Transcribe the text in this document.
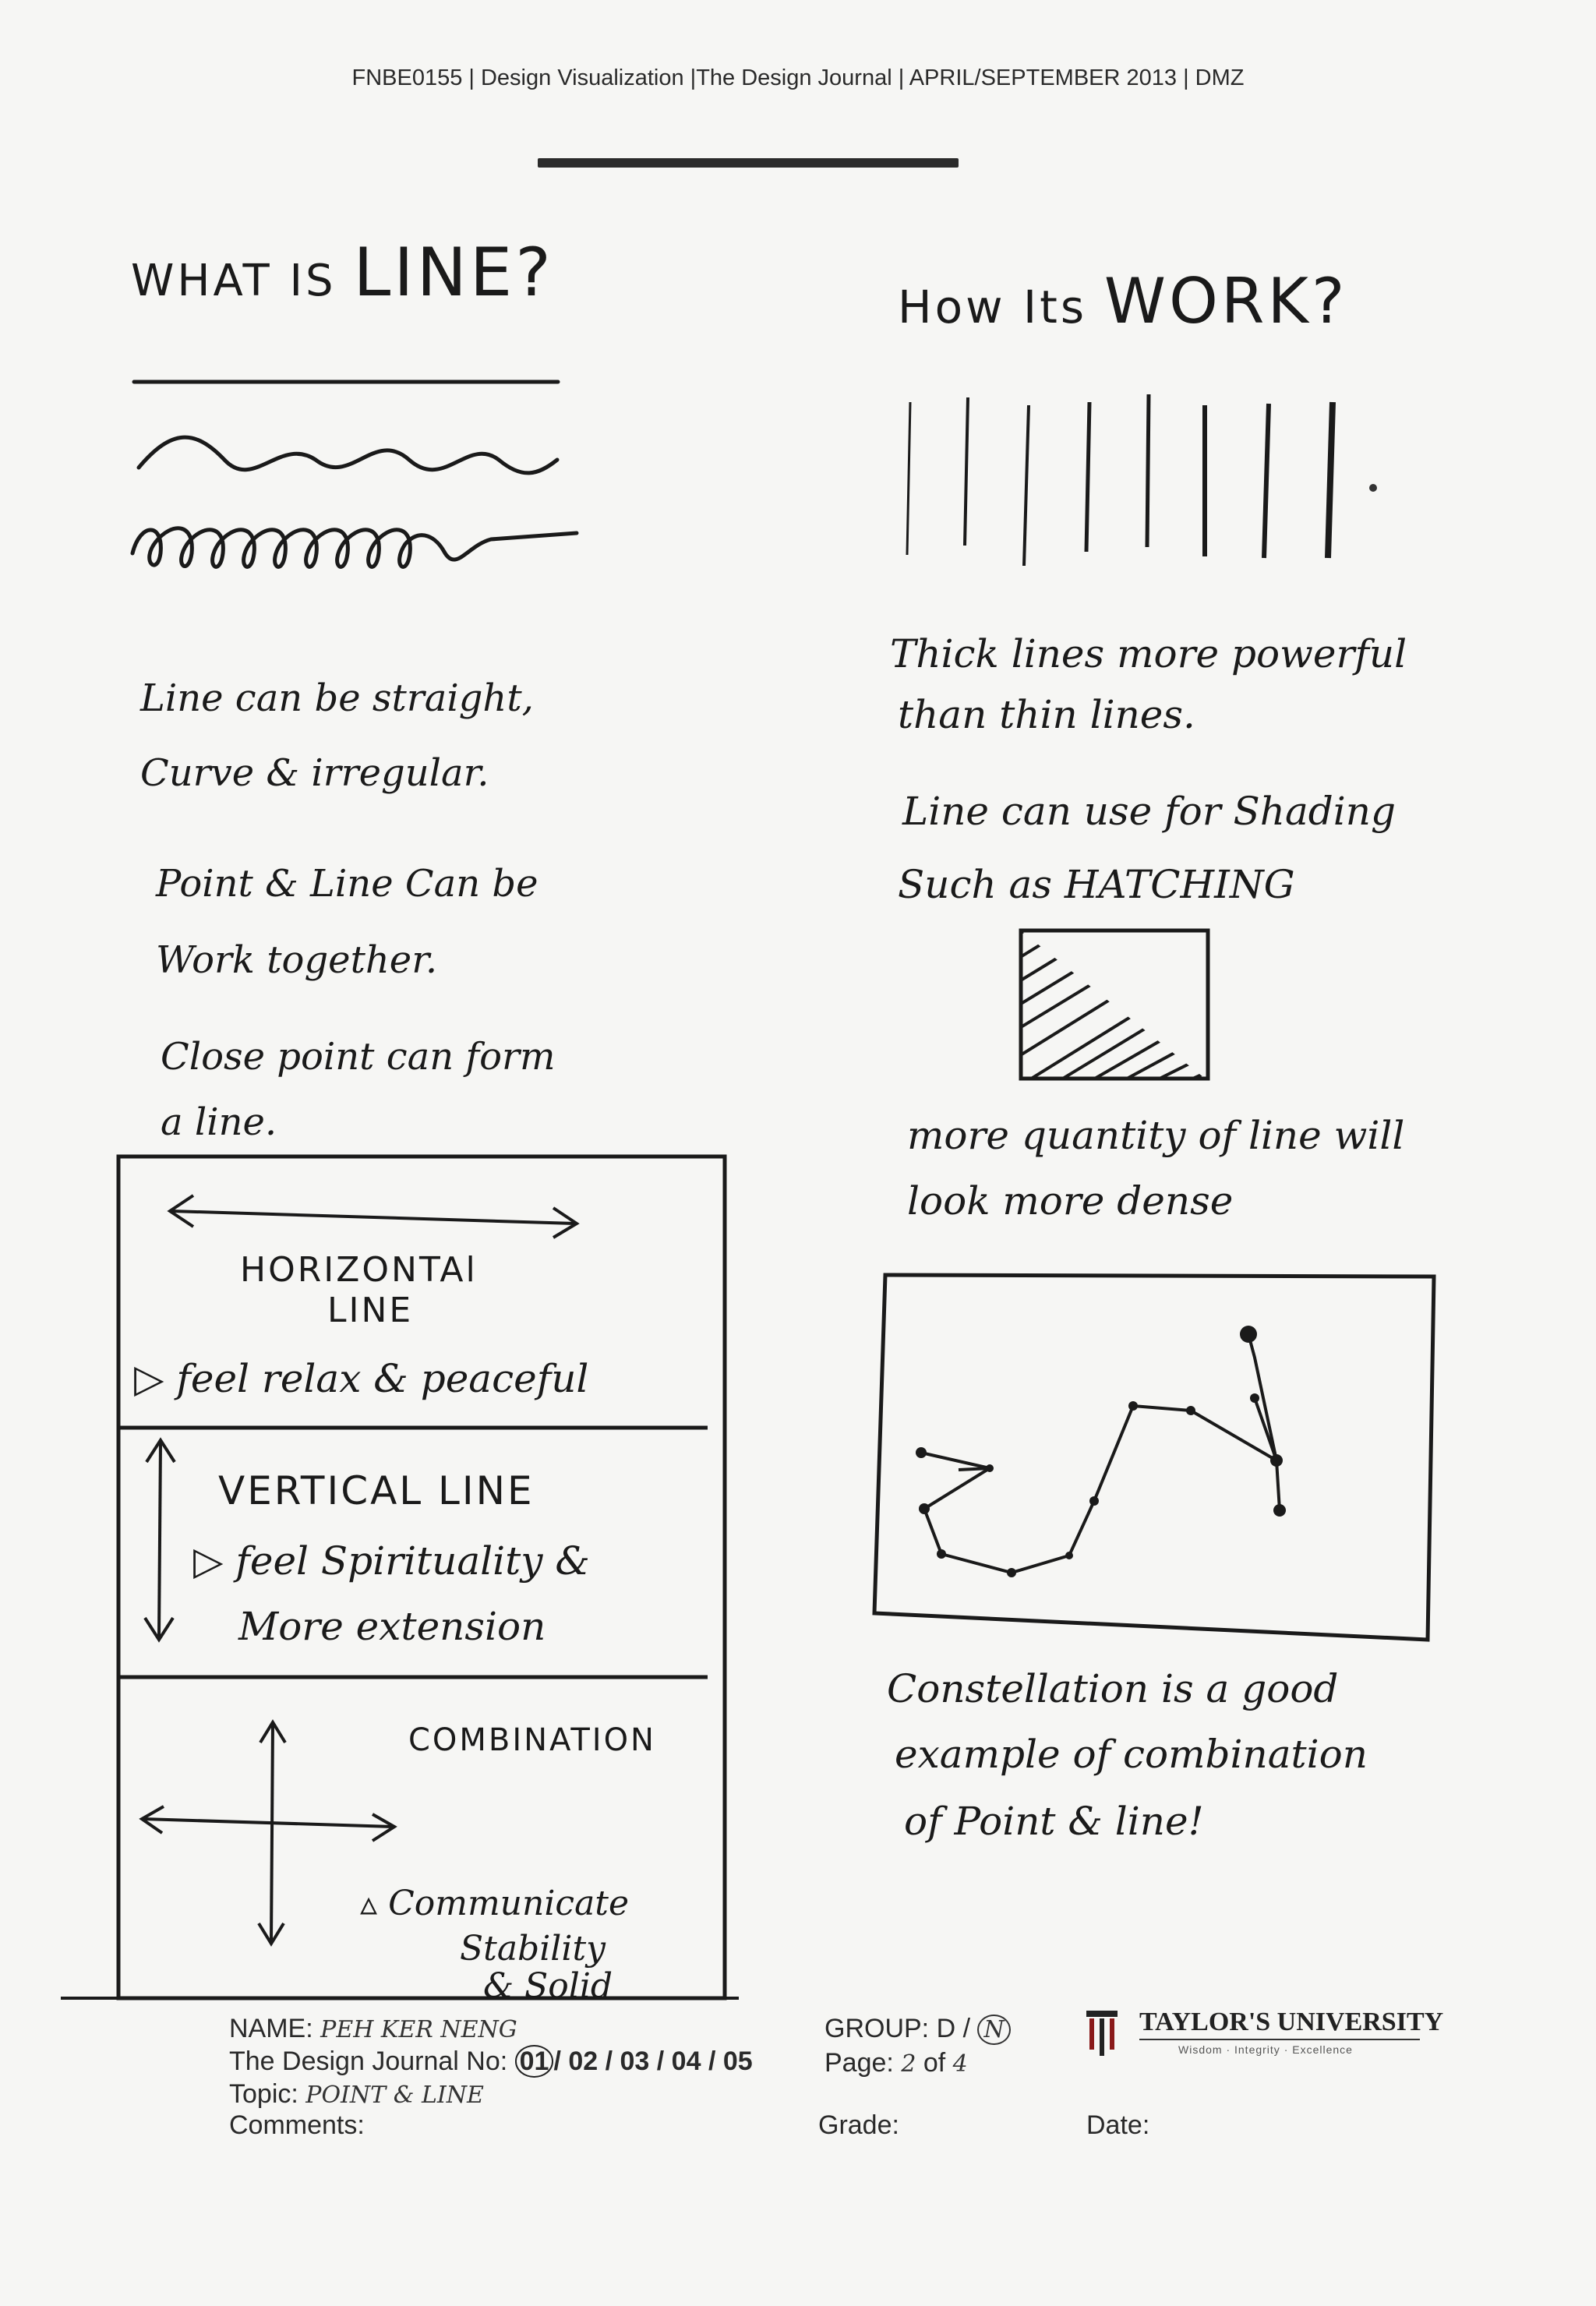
FNBE0155 | Design Visualization |The Design Journal | APRIL/SEPTEMBER 2013 | DMZ
WHAT IS LINE?
Line can be straight,
Curve & irregular.
Point & Line Can be
Work together.
Close point can form
a line.
HORIZONTAl
LINE
▷ feel relax & peaceful
VERTICAL LINE
▷ feel Spirituality &
More extension
COMBINATION
▵ Communicate
Stability
& Solid
How Its WORK?
Thick lines more powerful
than thin lines.
Line can use for Shading
Such as HATCHING
more quantity of line will
look more dense
Constellation is a good
example of combination
of Point & line!
NAME: PEH KER NENG
The Design Journal No: 01 / 02 / 03 / 04 / 05
Topic: POINT & LINE
Comments:
GROUP: D / N
Page: 2 of 4
Grade:	Date:
TAYLOR'S UNIVERSITY
Wisdom · Integrity · Excellence
